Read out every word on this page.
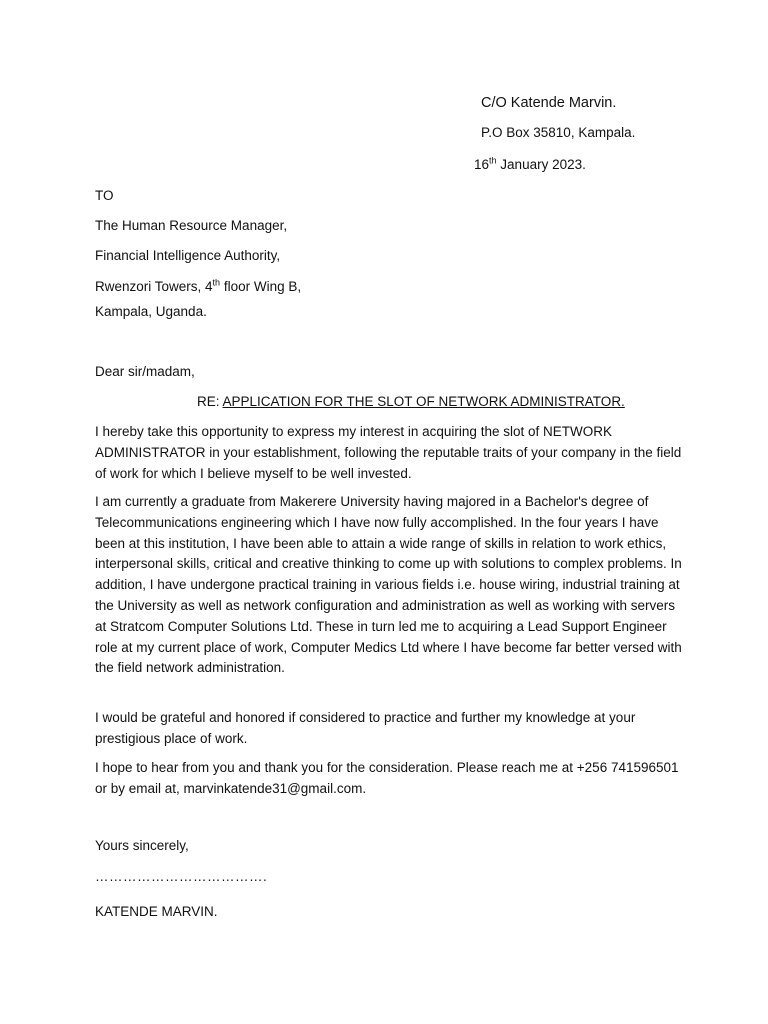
C/O Katende Marvin.
P.O Box 35810, Kampala.
16th January 2023.
TO
The Human Resource Manager,
Financial Intelligence Authority,
Rwenzori Towers, 4th floor Wing B,
Kampala, Uganda.
Dear sir/madam,
RE: APPLICATION FOR THE SLOT OF NETWORK ADMINISTRATOR.
I hereby take this opportunity to express my interest in acquiring the slot of NETWORK ADMINISTRATOR in your establishment, following the reputable traits of your company in the field of work for which I believe myself to be well invested.
I am currently a graduate from Makerere University having majored in a Bachelor's degree of Telecommunications engineering which I have now fully accomplished. In the four years I have been at this institution, I have been able to attain a wide range of skills in relation to work ethics, interpersonal skills, critical and creative thinking to come up with solutions to complex problems. In addition, I have undergone practical training in various fields i.e. house wiring, industrial training at the University as well as network configuration and administration as well as working with servers at Stratcom Computer Solutions Ltd. These in turn led me to acquiring a Lead Support Engineer role at my current place of work, Computer Medics Ltd where I have become far better versed with the field network administration.
I would be grateful and honored if considered to practice and further my knowledge at your prestigious place of work.
I hope to hear from you and thank you for the consideration. Please reach me at +256 741596501 or by email at, marvinkatende31@gmail.com.
Yours sincerely,
……………………………….
KATENDE MARVIN.
